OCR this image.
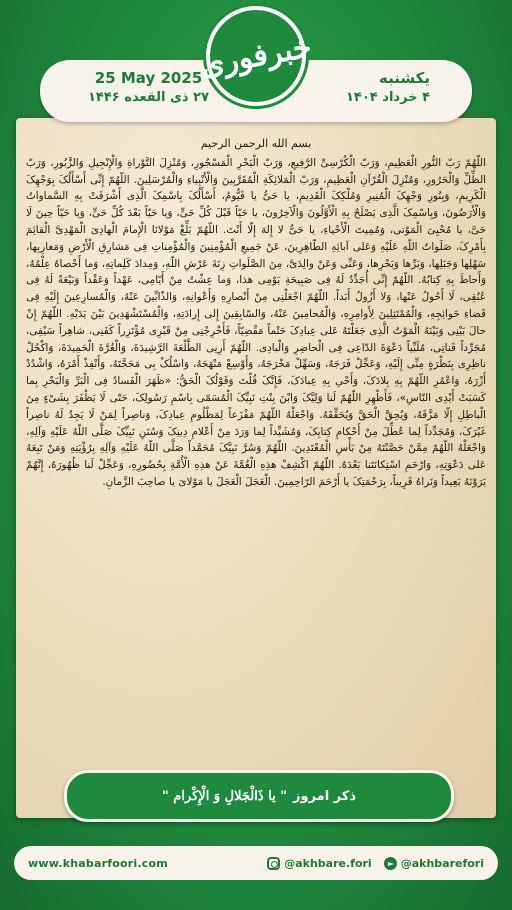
خبرفوری
25 May 2025
۲۷ ذی القعده ۱۴۴۶
یکشنبه
۴ خرداد ۱۴۰۴
بسم الله الرحمن الرحیم
اللّهُمّ رَبّ النُّورِ الْعَظِیمِ، وَرَبّ الْکُرْسِیِّ الرَّفِیعِ، وَرَبّ الْبَحْرِ الْمَسْجُورِ، وَمُنْزِلَ التَّوْراةِ وَالْإِنْجِیلِ وَالزَّبُورِ، وَرَبّ الظِّلِّ وَالْحَرُورِ، وَمُنْزِلَ الْقُرْآنِ الْعَظِیمِ، وَرَبّ الْمَلائِکَةِ الْمُقَرَّبِینَ وَالْأَنْبِیاءِ وَالْمُرْسَلِینَ. اللّهُمّ إِنِّی أَسْأَلُکَ بِوَجْهِکَ الْکَرِیمِ، وَبِنُورِ وَجْهِکَ الْمُنِیرِ وَمُلْکِکَ الْقَدِیمِ، یا حَیُّ یا قَیُّومُ، أَسْأَلُکَ بِاسْمِکَ الَّذِی أَشْرَقَتْ بِهِ السَّماواتُ وَالْأَرَضُونَ، وَبِاسْمِکَ الَّذِی یَصْلَحُ بِهِ الْأَوَّلُونَ وَالْآخِرُونَ، یا حَیّاً قَبْلَ کُلِّ حَیٍّ، وَیا حَیّاً بَعْدَ کُلِّ حَیٍّ، وَیا حَیّاً حِینَ لَا حَیَّ، یا مُحْیِیَ الْمَوْتی، وَمُمِیتَ الْأَحْیاءِ، یا حَیُّ لا إِلهَ إِلّا أَنْتَ. اللّهُمّ بَلِّغْ مَوْلانَا الْإِمامَ الْهادِیَ الْمَهْدِیَّ الْقائِمَ بِأَمْرِکَ، صَلَواتُ اللّهِ عَلَیْهِ وَعَلی آبائِهِ الطّاهِرِینَ، عَنْ جَمِیعِ الْمُؤْمِنِینَ وَالْمُؤْمِناتِ فِی مَشارِقِ الْأَرْضِ وَمَغارِبِها، سَهْلِها وَجَبَلِها، وَبَرِّها وَبَحْرِها، وَعَنِّی وَعَنْ والِدَیَّ، مِنَ الصَّلَواتِ زِنَةَ عَرْشِ اللّهِ، وَمِدادَ کَلِماتِهِ، وَما أَحْصاهُ عِلْمُهُ، وَأَحاطَ بِهِ کِتابُهُ. اللّهُمّ إِنِّی أُجَدِّدُ لَهُ فِی صَبِیحَةِ یَوْمِی هذا، وَما عِشْتُ مِنْ أَیّامِی، عَهْداً وَعَقْداً وَبَیْعَةً لَهُ فِی عُنُقِی، لَا أَحُولُ عَنْها، وَلا أَزُولُ أَبَداً. اللّهُمّ اجْعَلْنِی مِنْ أَنْصارِهِ وَأَعْوانِهِ، وَالذّابِّینَ عَنْهُ، وَالْمُسارِعِینَ إِلَیْهِ فِی قَضاءِ حَوائِجِهِ، وَالْمُمْتَثِلِینَ لِأَوامِرِهِ، وَالْمُحامِینَ عَنْهُ، وَالسّابِقِینَ إِلی إِرادَتِهِ، وَالْمُسْتَشْهَدِینَ بَیْنَ یَدَیْهِ. اللّهُمّ إِنْ حالَ بَیْنِی وَبَیْنَهُ الْمَوْتُ الَّذِی جَعَلْتَهُ عَلی عِبادِکَ حَتْماً مَقْضِیّاً، فَأَخْرِجْنِی مِنْ قَبْرِی مُؤْتَزِراً کَفَنِی، شاهِراً سَیْفِی، مُجَرِّداً قَناتِی، مُلَبِّیاً دَعْوَةَ الدّاعِی فِی الْحاضِرِ وَالْبادِی. اللّهُمّ أَرِنِی الطَّلْعَةَ الرَّشِیدَةَ، وَالْغُرَّةَ الْحَمِیدَةَ، وَاکْحُلْ ناظِرِی بِنَظْرَةٍ مِنِّی إِلَیْهِ، وَعَجِّلْ فَرَجَهُ، وَسَهِّلْ مَخْرَجَهُ، وَأَوْسِعْ مَنْهَجَهُ، وَاسْلُکْ بِی مَحَجَّتَهُ، وَأَنْفِذْ أَمْرَهُ، وَاشْدُدْ أَزْرَهُ، وَاعْمُرِ اللّهُمّ بِهِ بِلادَکَ، وَأَحْیِ بِهِ عِبادَکَ، فَإِنَّکَ قُلْتَ وَقَوْلُکَ الْحَقُّ: «ظَهَرَ الْفَسادُ فِی الْبَرِّ وَالْبَحْرِ بِما کَسَبَتْ أَیْدِی النّاسِ»، فَأَظْهِرِ اللّهُمّ لَنا وَلِیَّکَ وَابْنَ بِنْتِ نَبِیِّکَ الْمُسَمّی بِاسْمِ رَسُولِکَ، حَتّی لَا یَظْفَرَ بِشَیْءٍ مِنَ الْباطِلِ إِلّا مَزَّقَهُ، وَیُحِقَّ الْحَقَّ وَیُحَقِّقَهُ. وَاجْعَلْهُ اللّهُمّ مَفْزَعاً لِمَظْلُومِ عِبادِکَ، وَناصِراً لِمَنْ لَا یَجِدُ لَهُ ناصِراً غَیْرَکَ، وَمُجَدِّداً لِما عُطِّلَ مِنْ أَحْکامِ کِتابِکَ، وَمُشَیِّداً لِما وَرَدَ مِنْ أَعْلامِ دِینِکَ وَسُنَنِ نَبِیِّکَ صَلَّی اللّهُ عَلَیْهِ وَآلِهِ، وَاجْعَلْهُ اللّهُمّ مِمَّنْ حَصَّنْتَهُ مِنْ بَأْسِ الْمُعْتَدِینَ. اللّهُمّ وَسُرَّ نَبِیَّکَ مُحَمَّداً صَلَّی اللّهُ عَلَیْهِ وَآلِهِ بِرُؤْیَتِهِ وَمَنْ تَبِعَهُ عَلی دَعْوَتِهِ، وَارْحَمِ اسْتِکانَتَنا بَعْدَهُ. اللّهُمّ اکْشِفْ هذِهِ الْغُمَّةَ عَنْ هذِهِ الْأُمَّةِ بِحُضُورِهِ، وَعَجِّلْ لَنا ظُهُورَهُ، إِنَّهُمْ یَرَوْنَهُ بَعِیداً وَنَراهُ قَرِیباً، بِرَحْمَتِکَ یا أَرْحَمَ الرّاحِمِینَ. الْعَجَلَ الْعَجَلَ یا مَوْلایَ یا صاحِبَ الزَّمانِ.
ذکر امروز
" یا ذَالْجَلالِ وَ الْإِکْرام "
www.khabarfoori.com	@akhbare.fori	@akhbarefori
